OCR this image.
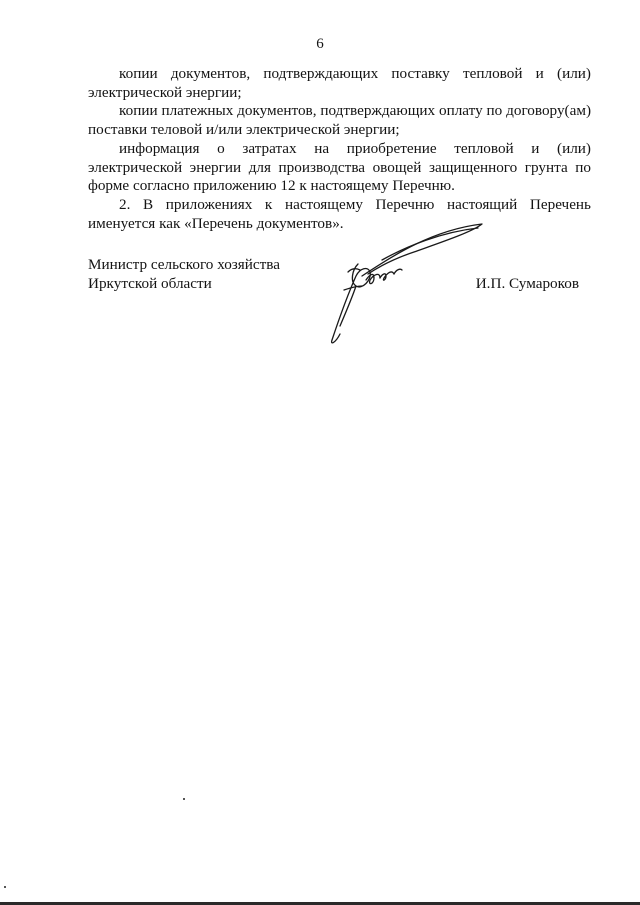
6

копии документов, подтверждающих поставку тепловой и (или) электрической энергии;

копии платежных документов, подтверждающих оплату по договору(ам) поставки теловой и/или электрической энергии;

информация о затратах на приобретение тепловой и (или) электрической энергии для производства овощей защищенного грунта по форме согласно приложению 12 к настоящему Перечню.

2. В приложениях к настоящему Перечню настоящий Перечень именуется как «Перечень документов».

Министр сельского хозяйства
Иркутской области	И.П. Сумароков
